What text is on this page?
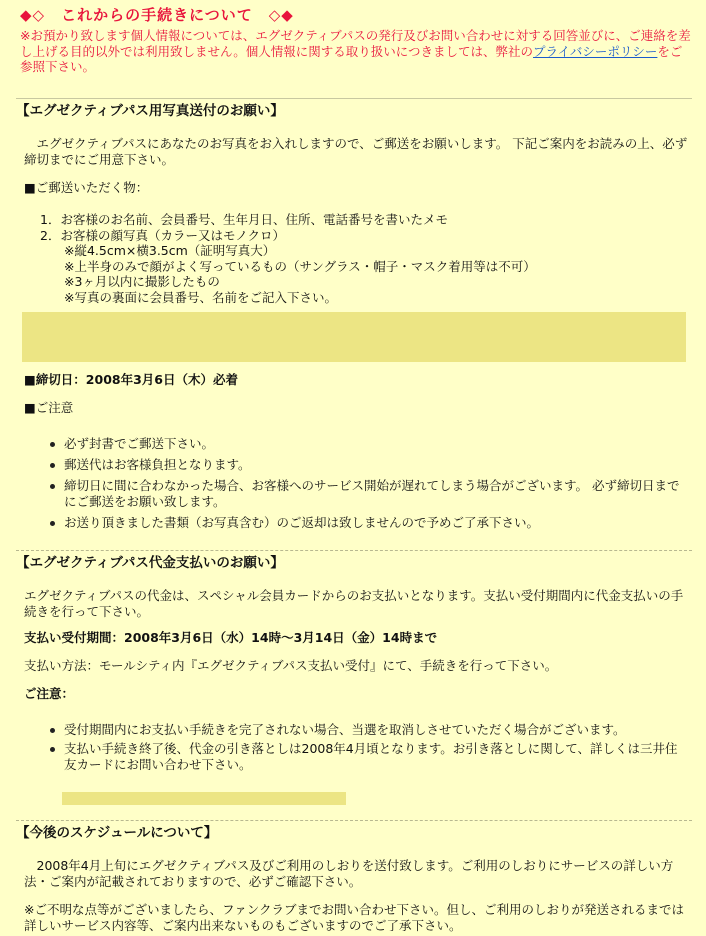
◆◇　これからの手続きについて　◇◆
※お預かり致します個人情報については、エグゼクティブパスの発行及びお問い合わせに対する回答並びに、ご連絡を差し上げる目的以外では利用致しません。個人情報に関する取り扱いにつきましては、弊社のプライバシーポリシーをご参照下さい。
【エグゼクティブパス用写真送付のお願い】
エグゼクティブパスにあなたのお写真をお入れしますので、ご郵送をお願いします。 下記ご案内をお読みの上、必ず締切までにご用意下さい。
■ご郵送いただく物：
1．お客様のお名前、会員番号、生年月日、住所、電話番号を書いたメモ
2．お客様の顔写真（カラー又はモノクロ）
※縦4.5cm×横3.5cm（証明写真大）
※上半身のみで顔がよく写っているもの（サングラス・帽子・マスク着用等は不可）
※3ヶ月以内に撮影したもの
※写真の裏面に会員番号、名前をご記入下さい。
■締切日：2008年3月6日（木）必着
■ご注意
必ず封書でご郵送下さい。
郵送代はお客様負担となります。
締切日に間に合わなかった場合、お客様へのサービス開始が遅れてしまう場合がございます。 必ず締切日までにご郵送をお願い致します。
お送り頂きました書類（お写真含む）のご返却は致しませんので予めご了承下さい。
【エグゼクティブパス代金支払いのお願い】
エグゼクティブパスの代金は、スペシャル会員カードからのお支払いとなります。支払い受付期間内に代金支払いの手続きを行って下さい。
支払い受付期間：2008年3月6日（水）14時～3月14日（金）14時まで
支払い方法：モールシティ内『エグゼクティブパス支払い受付』にて、手続きを行って下さい。
ご注意：
受付期間内にお支払い手続きを完了されない場合、当選を取消しさせていただく場合がございます。
支払い手続き終了後、代金の引き落としは2008年4月頃となります。お引き落としに関して、詳しくは三井住友カードにお問い合わせ下さい。
【今後のスケジュールについて】
2008年4月上旬にエグゼクティブパス及びご利用のしおりを送付致します。ご利用のしおりにサービスの詳しい方法・ご案内が記載されておりますので、必ずご確認下さい。
※ご不明な点等がございましたら、ファンクラブまでお問い合わせ下さい。但し、ご利用のしおりが発送されるまでは詳しいサービス内容等、ご案内出来ないものもございますのでご了承下さい。
